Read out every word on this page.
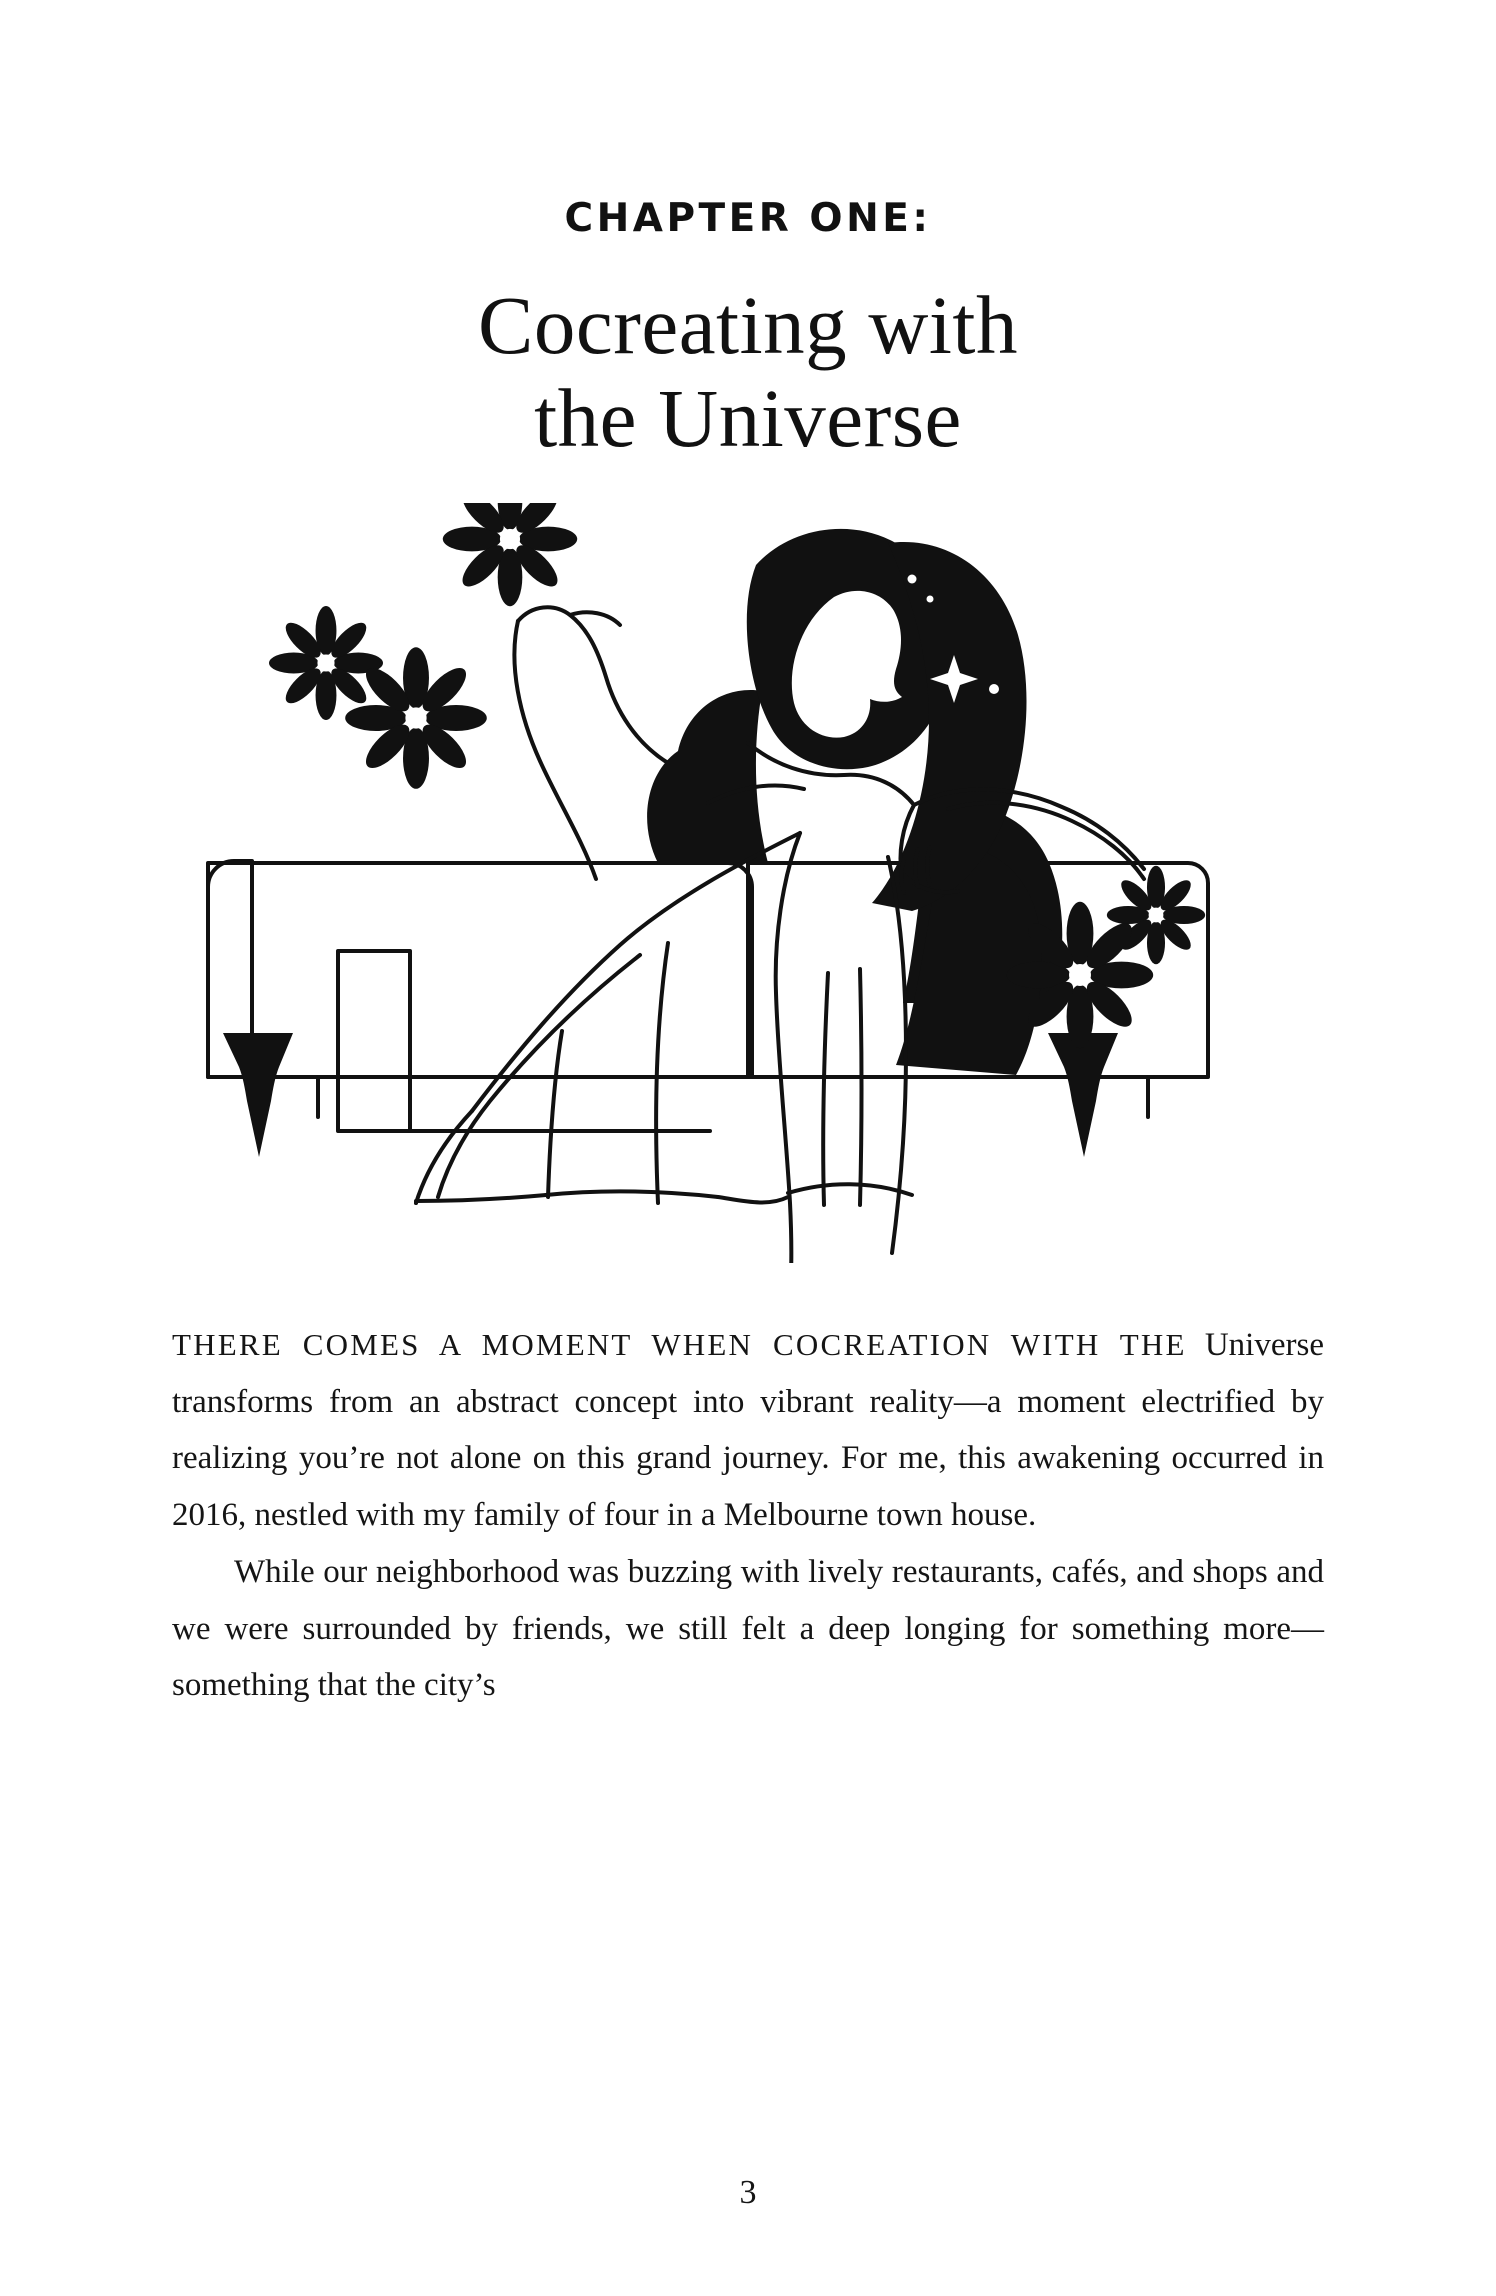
CHAPTER ONE:
Cocreating with
the Universe

THERE COMES A MOMENT WHEN COCREATION WITH THE Universe transforms from an abstract concept into vibrant reality—a moment electrified by realizing you’re not alone on this grand journey. For me, this awakening occurred in 2016, nestled with my family of four in a Melbourne town house.

While our neighborhood was buzzing with lively restaurants, cafés, and shops and we were surrounded by friends, we still felt a deep longing for something more—something that the city’s

3
